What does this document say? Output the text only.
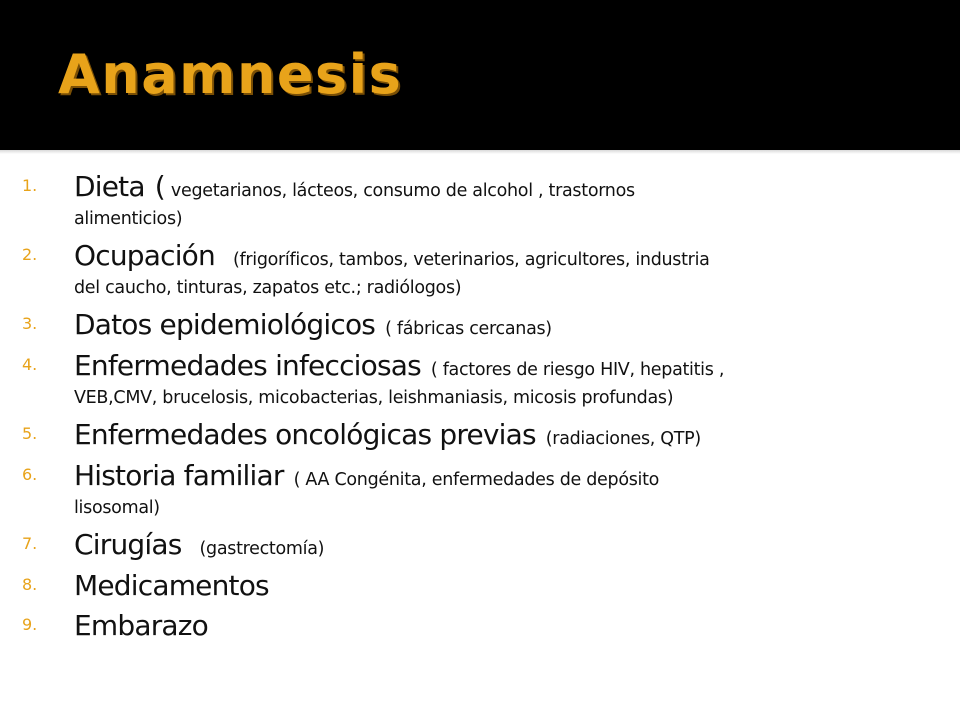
Anamnesis
1. Dieta ( vegetarianos, lácteos, consumo de alcohol , trastornos
alimenticios)
2. Ocupación (frigoríficos, tambos, veterinarios, agricultores, industria
del caucho, tinturas, zapatos etc.; radiólogos)
3. Datos epidemiológicos ( fábricas cercanas)
4. Enfermedades infecciosas ( factores de riesgo HIV, hepatitis ,
VEB,CMV, brucelosis, micobacterias, leishmaniasis, micosis profundas)
5. Enfermedades oncológicas previas (radiaciones, QTP)
6. Historia familiar ( AA Congénita, enfermedades de depósito
lisosomal)
7. Cirugías (gastrectomía)
8. Medicamentos
9. Embarazo
